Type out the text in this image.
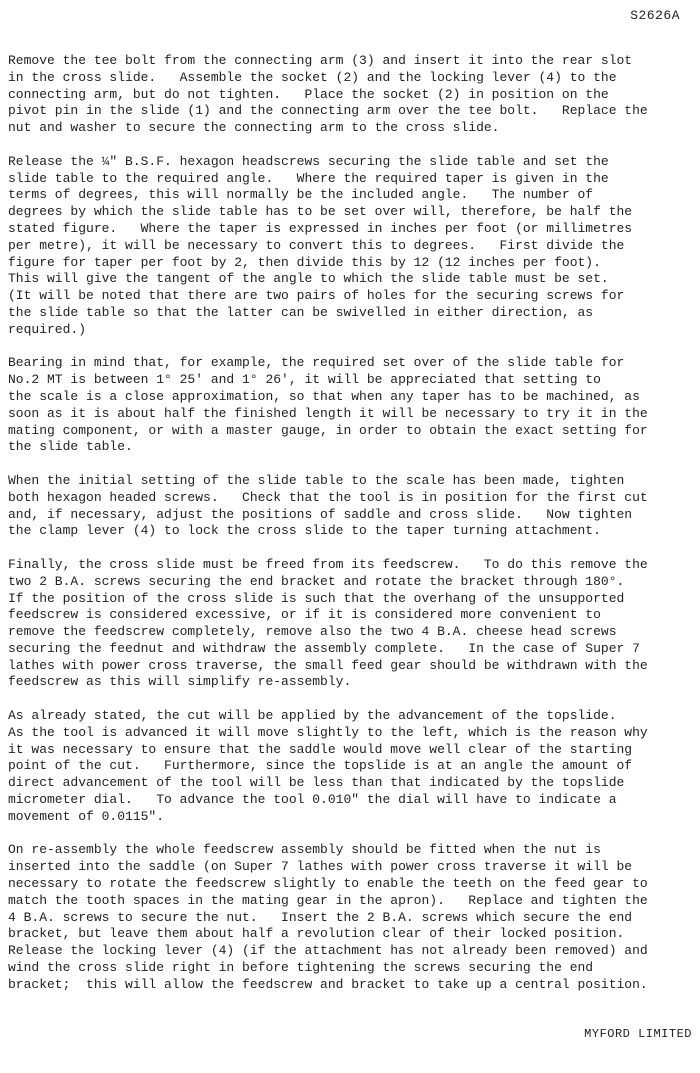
S2626A
Remove the tee bolt from the connecting arm (3) and insert it into the rear slot
in the cross slide.   Assemble the socket (2) and the locking lever (4) to the
connecting arm, but do not tighten.   Place the socket (2) in position on the
pivot pin in the slide (1) and the connecting arm over the tee bolt.   Replace the
nut and washer to secure the connecting arm to the cross slide.
Release the ¼" B.S.F. hexagon headscrews securing the slide table and set the
slide table to the required angle.   Where the required taper is given in the
terms of degrees, this will normally be the included angle.   The number of
degrees by which the slide table has to be set over will, therefore, be half the
stated figure.   Where the taper is expressed in inches per foot (or millimetres
per metre), it will be necessary to convert this to degrees.   First divide the
figure for taper per foot by 2, then divide this by 12 (12 inches per foot).
This will give the tangent of the angle to which the slide table must be set.
(It will be noted that there are two pairs of holes for the securing screws for
the slide table so that the latter can be swivelled in either direction, as
required.)
Bearing in mind that, for example, the required set over of the slide table for
No.2 MT is between 1° 25' and 1° 26', it will be appreciated that setting to
the scale is a close approximation, so that when any taper has to be machined, as
soon as it is about half the finished length it will be necessary to try it in the
mating component, or with a master gauge, in order to obtain the exact setting for
the slide table.
When the initial setting of the slide table to the scale has been made, tighten
both hexagon headed screws.   Check that the tool is in position for the first cut
and, if necessary, adjust the positions of saddle and cross slide.   Now tighten
the clamp lever (4) to lock the cross slide to the taper turning attachment.
Finally, the cross slide must be freed from its feedscrew.   To do this remove the
two 2 B.A. screws securing the end bracket and rotate the bracket through 180°.
If the position of the cross slide is such that the overhang of the unsupported
feedscrew is considered excessive, or if it is considered more convenient to
remove the feedscrew completely, remove also the two 4 B.A. cheese head screws
securing the feednut and withdraw the assembly complete.   In the case of Super 7
lathes with power cross traverse, the small feed gear should be withdrawn with the
feedscrew as this will simplify re-assembly.
As already stated, the cut will be applied by the advancement of the topslide.
As the tool is advanced it will move slightly to the left, which is the reason why
it was necessary to ensure that the saddle would move well clear of the starting
point of the cut.   Furthermore, since the topslide is at an angle the amount of
direct advancement of the tool will be less than that indicated by the topslide
micrometer dial.   To advance the tool 0.010" the dial will have to indicate a
movement of 0.0115".
On re-assembly the whole feedscrew assembly should be fitted when the nut is
inserted into the saddle (on Super 7 lathes with power cross traverse it will be
necessary to rotate the feedscrew slightly to enable the teeth on the feed gear to
match the tooth spaces in the mating gear in the apron).   Replace and tighten the
4 B.A. screws to secure the nut.   Insert the 2 B.A. screws which secure the end
bracket, but leave them about half a revolution clear of their locked position.
Release the locking lever (4) (if the attachment has not already been removed) and
wind the cross slide right in before tightening the screws securing the end
bracket;  this will allow the feedscrew and bracket to take up a central position.
MYFORD LIMITED
